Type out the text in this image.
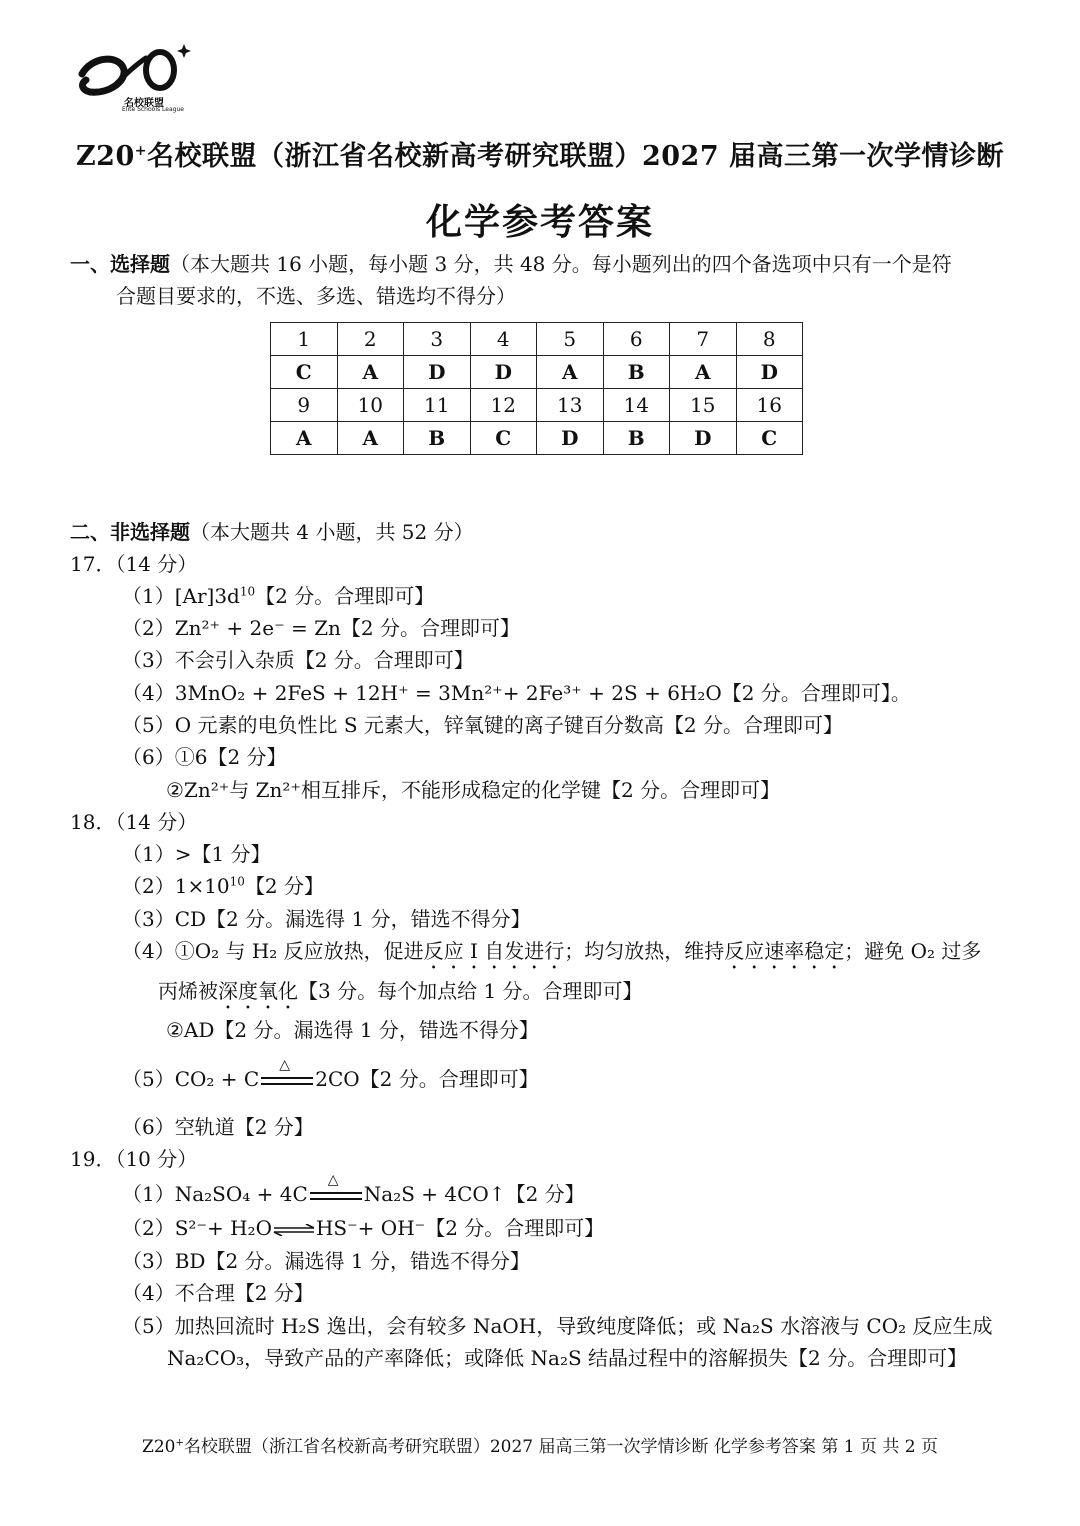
名校联盟
Elite Schools League
Z20+名校联盟（浙江省名校新高考研究联盟）2027 届高三第一次学情诊断
化学参考答案
一、选择题（本大题共 16 小题，每小题 3 分，共 48 分。每小题列出的四个备选项中只有一个是符
合题目要求的，不选、多选、错选均不得分）
1	2	3	4	5	6	7	8
C	A	D	D	A	B	A	D
9	10	11	12	13	14	15	16
A	A	B	C	D	B	D	C
二、非选择题（本大题共 4 小题，共 52 分）
17．（14 分）
$(1)[Ar]3d^{10}$【2 分。合理即可】
（2）Zn²⁺ + 2e⁻ = Zn【2 分。合理即可】
（3）不会引入杂质【2 分。合理即可】
（4）3MnO₂ + 2FeS + 12H⁺ = 3Mn²⁺+ 2Fe³⁺ + 2S + 6H₂O【2 分。合理即可】。
（5）O 元素的电负性比 S 元素大，锌氧键的离子键百分数高【2 分。合理即可】
（6）①6【2 分】
②Zn²⁺与 Zn²⁺相互排斥，不能形成稳定的化学键【2 分。合理即可】
18．（14 分）
（1）>【1 分】
$(2)1\times 10^{10}$【2 分】
（3）CD【2 分。漏选得 1 分，错选不得分】
（4）①O₂ 与 H₂ 反应放热，促进反应 I 自发进行；均匀放热，维持反应速率稳定；避免 O₂ 过多
丙烯被深度氧化【3 分。每个加点给 1 分。合理即可】
②AD【2 分。漏选得 1 分，错选不得分】
（5）CO₂ + C
△
2CO【2 分。合理即可】
（6）空轨道【2 分】
19．（10 分）
（1）Na₂SO₄ + 4C
△
Na₂S + 4CO↑【2 分】
（2）S²⁻+ H₂O⇌HS⁻+ OH⁻【2 分。合理即可】
（3）BD【2 分。漏选得 1 分，错选不得分】
（4）不合理【2 分】
（5）加热回流时 H₂S 逸出，会有较多 NaOH，导致纯度降低；或 Na₂S 水溶液与 CO₂ 反应生成
Na₂CO₃，导致产品的产率降低；或降低 Na₂S 结晶过程中的溶解损失【2 分。合理即可】
Z20+名校联盟（浙江省名校新高考研究联盟）2027 届高三第一次学情诊断 化学参考答案 第 1 页 共 2 页
